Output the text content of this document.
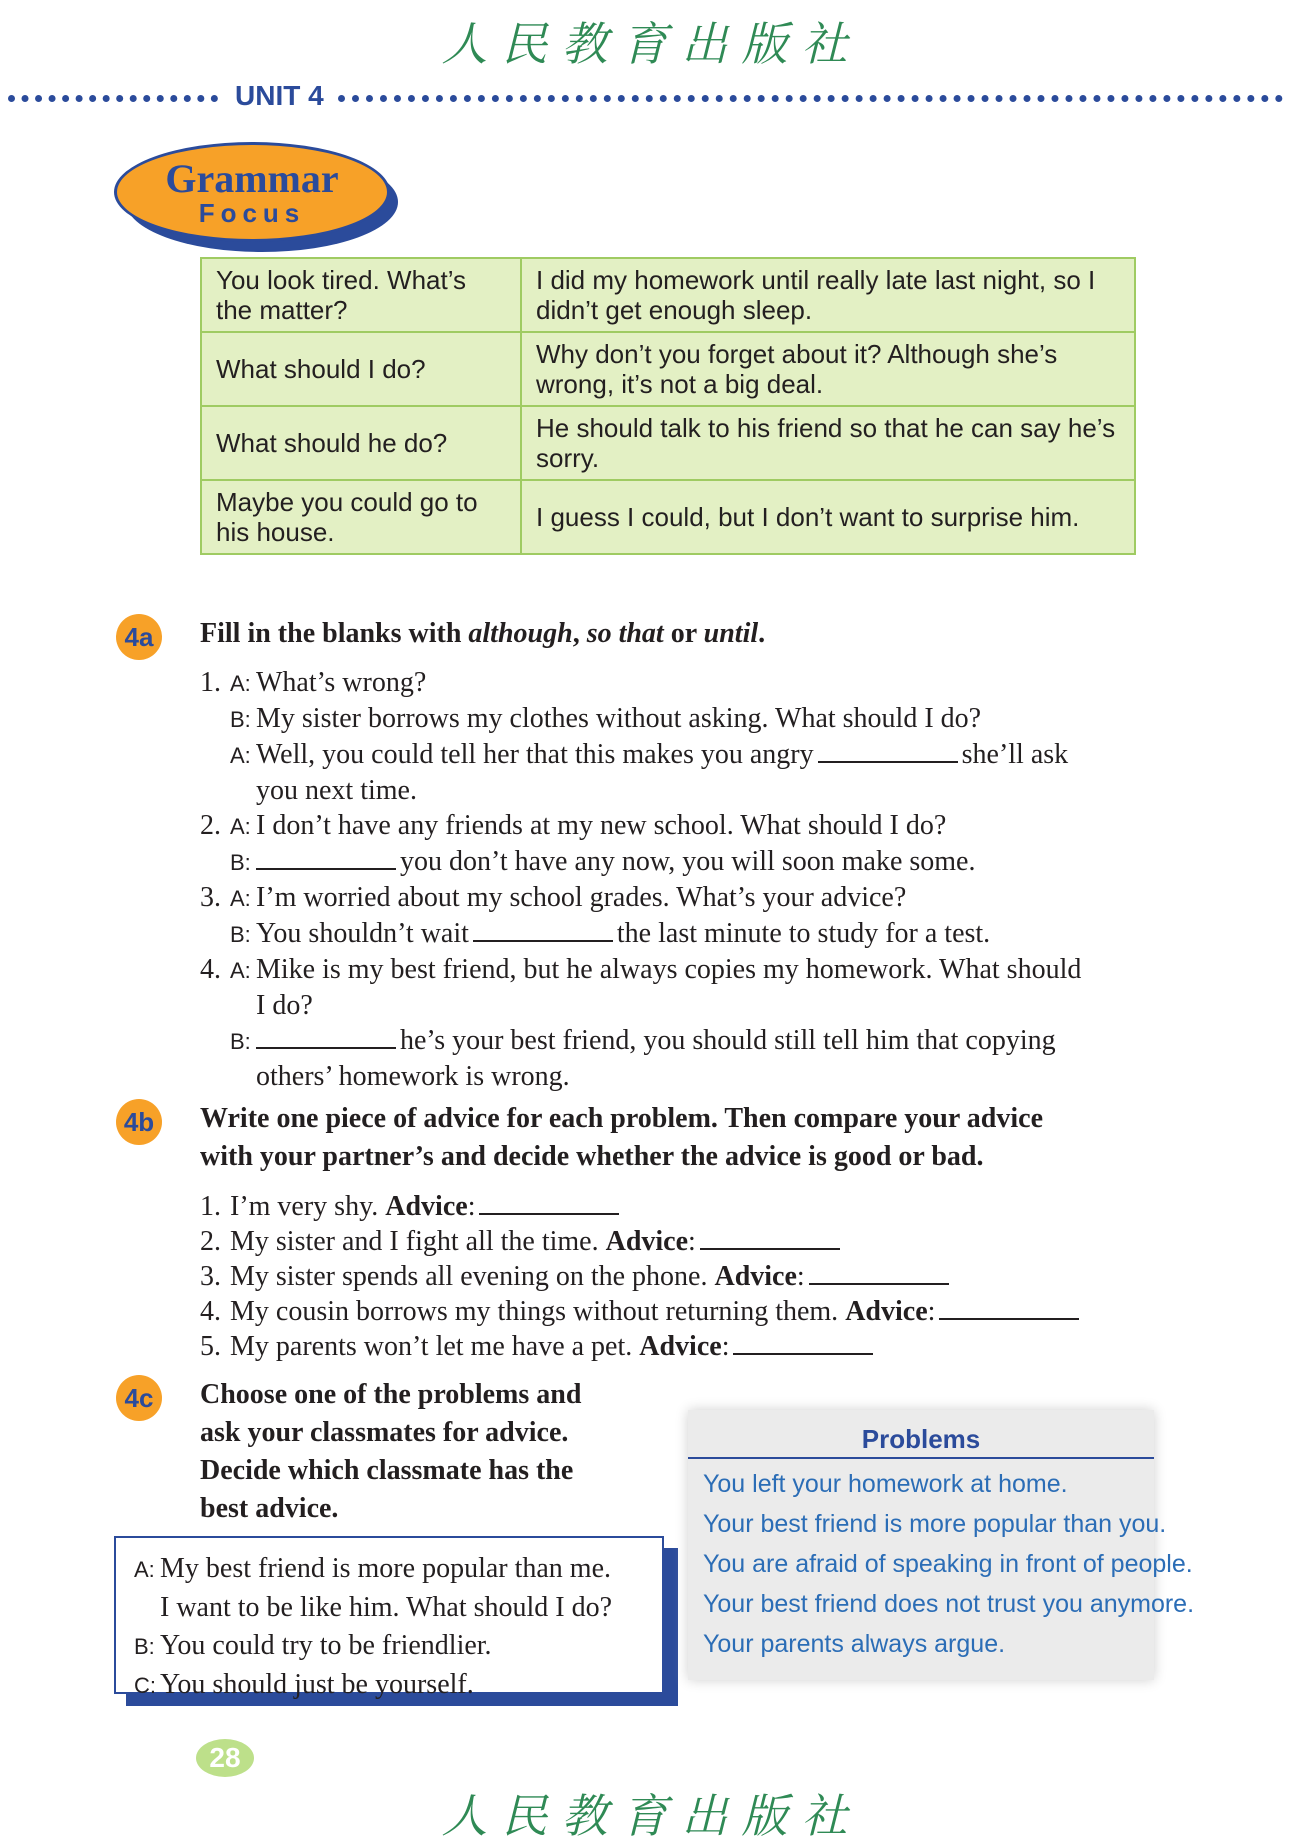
人民教育出版社
UNIT 4
Grammar
Focus
You look tired. What’s the matter?	I did my homework until really late last night, so I didn’t get enough sleep.
What should I do?	Why don’t you forget about it? Although she’s wrong, it’s not a big deal.
What should he do?	He should talk to his friend so that he can say he’s sorry.
Maybe you could go to his house.	I guess I could, but I don’t want to surprise him.
4a	Fill in the blanks with although, so that or until.
1. A: What’s wrong?
B: My sister borrows my clothes without asking. What should I do?
A: Well, you could tell her that this makes you angry	she’ll ask
you next time.
2. A: I don’t have any friends at my new school. What should I do?
B:	you don’t have any now, you will soon make some.
3. A: I’m worried about my school grades. What’s your advice?
B: You shouldn’t wait	the last minute to study for a test.
4. A: Mike is my best friend, but he always copies my homework. What should
I do?
B:	he’s your best friend, you should still tell him that copying
others’ homework is wrong.
4b Write one piece of advice for each problem. Then compare your advice
with your partner’s and decide whether the advice is good or bad.
1. I’m very shy. Advice:
2. My sister and I fight all the time. Advice:
3. My sister spends all evening on the phone. Advice:
4. My cousin borrows my things without returning them. Advice:
5. My parents won’t let me have a pet. Advice:
4c	Choose one of the problems and
ask your classmates for advice.
Decide which classmate has the
best advice.
A: My best friend is more popular than me.
I want to be like him. What should I do?
B: You could try to be friendlier.
C: You should just be yourself.
Problems
You left your homework at home.
Your best friend is more popular than you.
You are afraid of speaking in front of people.
Your best friend does not trust you anymore.
Your parents always argue.
28
人民教育出版社
